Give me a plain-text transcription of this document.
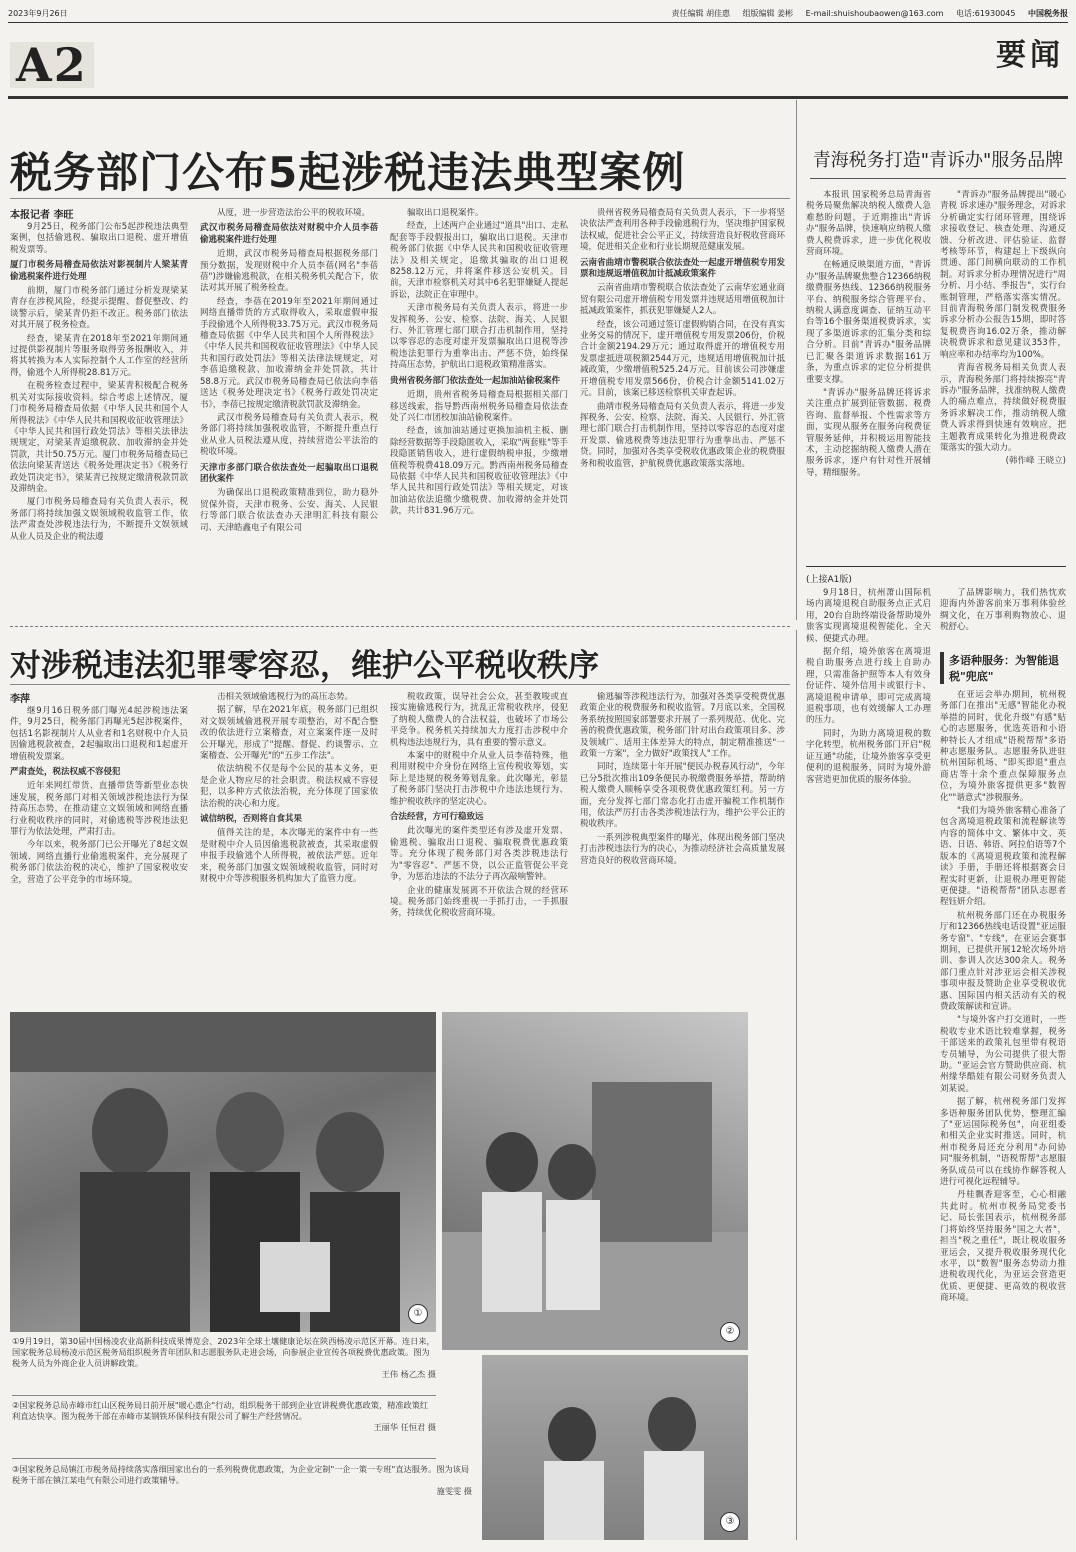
2023年9月26日	责任编辑 胡佳惠 组版编辑 姜彬 E-mail:shuishoubaowen@163.com 电话:61930045 中国税务报
A2	要闻
税务部门公布5起涉税违法典型案例
本报记者 李旺

9月25日，税务部门公布5起涉税违法典型案例，包括偷逃税、骗取出口退税、虚开增值税发票等。

厦门市税务局稽查局依法对影视制片人梁某青偷逃税案件进行处理

前期，厦门市税务部门通过分析发现梁某青存在涉税风险，经提示提醒、督促整改、约谈警示后，梁某青仍拒不改正。税务部门依法对其开展了税务检查。

经查，梁某青在2018年至2021年期间通过提供影视制片等服务取得劳务报酬收入，并将其转换为本人实际控制个人工作室的经营所得，偷逃个人所得税28.81万元。

在税务检查过程中，梁某青积极配合税务机关对实际接收资料。综合考虑上述情况，厦门市税务局稽查局依据《中华人民共和国个人所得税法》《中华人民共和国税收征收管理法》《中华人民共和国行政处罚法》等相关法律法规规定，对梁某青追缴税款、加收滞纳金并处罚款，共计50.75万元。厦门市税务局稽查局已依法向梁某青送达《税务处理决定书》《税务行政处罚决定书》，梁某青已按规定缴清税款罚款及滞纳金。

厦门市税务局稽查局有关负责人表示，税务部门将持续加强文娱领域税收监管工作，依法严肃查处涉税违法行为，不断提升文娱领域从业人员及企业的税法遵

从度，进一步营造法治公平的税收环境。

武汉市税务局稽查局依法对财税中介人员李蓓偷逃税案件进行处理

近期，武汉市税务局稽查局根据税务部门预分数据，发现财税中介人员李蓓(网名"李蓓蓓")涉嫌偷逃税款，在相关税务机关配合下，依法对其开展了税务检查。

经查，李蓓在2019年至2021年期间通过网络直播带货的方式取得收入，采取虚假申报手段偷逃个人所得税33.75万元。武汉市税务局稽查局依据《中华人民共和国个人所得税法》《中华人民共和国税收征收管理法》《中华人民共和国行政处罚法》等相关法律法规规定，对李蓓追缴税款、加收滞纳金并处罚款，共计58.8万元。武汉市税务局稽查局已依法向李蓓送达《税务处理决定书》《税务行政处罚决定书》，李蓓已按规定缴清税款罚款及滞纳金。

武汉市税务局稽查局有关负责人表示，税务部门将持续加强税收监管，不断提升重点行业从业人员税法遵从度，持续营造公平法治的税收环境。

天津市多部门联合依法查处一起骗取出口退税团伙案件

为确保出口退税政策精准到位，助力稳外贸保外资，天津市税务、公安、海关、人民银行等部门联合依法查办天津明汇科技有限公司、天津皓鑫电子有限公司

骗取出口退税案件。

经查，上述两户企业通过"道具"出口、走私配套等手段假报出口，骗取出口退税。天津市税务部门依据《中华人民共和国税收征收管理法》及相关规定，追缴其骗取的出口退税8258.12万元，并将案件移送公安机关。目前，天津市检察机关对其中6名犯罪嫌疑人提起诉讼，法院正在审理中。

天津市税务局有关负责人表示，将进一步发挥税务、公安、检察、法院、海关、人民银行、外汇管理七部门联合打击机制作用，坚持以零容忍的态度对虚开发票骗取出口退税等涉税违法犯罪行为重拳出击、严惩不贷，始终保持高压态势，护航出口退税政策精准落实。

贵州省税务部门依法查处一起加油站偷税案件

近期，贵州省税务局稽查局根据相关部门移送线索，指导黔西南州税务局稽查局依法查处了兴仁市团校加油站偷税案件。

经查，该加油站通过更换加油机主板、删除经营数据等手段隐匿收入，采取"两套账"等手段隐匿销售收入，进行虚假纳税申报，少缴增值税等税费418.09万元。黔西南州税务局稽查局依据《中华人民共和国税收征收管理法》《中华人民共和国行政处罚法》等相关规定，对该加油站依法追缴少缴税费、加收滞纳金并处罚款，共计831.96万元。

贵州省税务局稽查局有关负责人表示，下一步将坚决依法严查利用各种手段偷逃税行为，坚决维护国家税法权威，促进社会公平正义，持续营造良好税收营商环境，促进相关企业和行业长期规范健康发展。

云南省曲靖市警税联合依法查处一起虚开增值税专用发票和违规返增值税加计抵减政策案件

云南省曲靖市警税联合依法查处了云南华宏通业商贸有限公司虚开增值税专用发票并违规适用增值税加计抵减政策案件，抓获犯罪嫌疑人2人。

经查，该公司通过签订虚假购销合同，在没有真实业务交易的情况下，虚开增值税专用发票206份，价税合计金额2194.29万元；通过取得虚开的增值税专用发票虚抵进项税额2544万元，违规适用增值税加计抵减政策，少缴增值税525.24万元。目前该公司涉嫌虚开增值税专用发票566份，价税合计金额5141.02万元。目前，该案已移送检察机关审查起诉。

曲靖市税务局稽查局有关负责人表示，将进一步发挥税务、公安、检察、法院、海关、人民银行、外汇管理七部门联合打击机制作用，坚持以零容忍的态度对虚开发票、偷逃税费等违法犯罪行为重拳出击、严惩不贷。同时，加强对各类享受税收优惠政策企业的税费服务和税收监管，护航税费优惠政策落实落地。

青海税务打造"青诉办"服务品牌

本报讯 国家税务总局青海省税务局聚焦解决纳税人缴费人急难愁盼问题，于近期推出"青诉办"服务品牌，快速响应纳税人缴费人税费诉求，进一步优化税收营商环境。

在畅通反映渠道方面，"青诉办"服务品牌聚焦整合12366纳税缴费服务热线、12366纳税服务平台、纳税服务综合管理平台、纳税人满意度调查、征纳互动平台等16个服务渠道税费诉求，实现了多渠道诉求的汇集分类和综合分析。目前"青诉办"服务品牌已汇聚各渠道诉求数据161万条，为重点诉求的定位分析提供重要支撑。

"青诉办"服务品牌还将诉求关注重点扩展到征管数据、税费咨询、监督举报、个性需求等方面，实现从服务在服务向税费征管服务延伸，并积极运用智能技术，主动挖掘纳税人缴费人潜在服务诉求，逐户有针对性开展辅导，精细服务。

"青诉办"服务品牌提出"暖心青税 诉求速办"服务理念，对诉求分析确定实行闭环管理，围绕诉求接收登记、核查处理、沟通反馈、分析改进、评估验证、监督考核等环节，构建起上下级纵向贯通、部门间横向联动的工作机制。对诉求分析办理情况进行"周分析、月小结、季报告"，实行台账制管理，严格落实落实情况。目前青海税务部门制发税费服务诉求分析办公报告15期，即时答复税费咨询16.02万条，推动解决税费诉求和意见建议353件，响应率和办结率均为100%。

青海省税务局相关负责人表示，青海税务部门将持续擦亮"青诉办"服务品牌，找准纳税人缴费人的痛点难点，持续做好税费服务诉求解决工作，推动纳税人缴费人诉求得到快速有效响应，把主题教育成果转化为推进税费政策落实的强大动力。

(韩作峰 王晓立)

(上接A1版)

9月18日，杭州萧山国际机场内离境退税自助服务点正式启用，20台自助终端设备帮助境外旅客实现离境退税智能化、全天候、便捷式办理。

据介绍，境外旅客在离境退税自助服务点进行线上自助办理，只需准备护照等本人有效身份证件、境外信用卡或银行卡、离境退税申请单，即可完成离境退税事项，也有效缓解人工办理的压力。

同时，为助力离境退税的数字化转型，杭州税务部门开启"税证互通"功能，让境外旅客享受更便利的退税服务，同时为境外游客营造更加优质的服务体验。

了品牌影响力，我们热忱欢迎海内外游客前来万事利体验丝绸文化，在万事利购物放心、退税舒心。

多语种服务：为智能退税"兜底"

在亚运会举办期间，杭州税务部门在推出"无感"智能化办税举措的同时，优化升级"有感"贴心的志愿服务，优选英语和小语种特长人才组成"语税帮帮"多语种志愿服务队。志愿服务队进驻杭州国际机场、"即买即退"重点商店等十余个重点保障服务点位，为境外旅客提供更多"数智化""谐意式"涉税服务。

"我们为境外旅客精心准备了包含离境退税政策和流程解读等内容的简体中文、繁体中文、英语、日语、韩语、阿拉伯语等7个版本的《离境退税政策和流程解读》手册，手册还将根据赛会日程实时更新，让退税办理更智能更便捷。"语税帮帮"团队志愿者程钰妍介绍。

杭州税务部门还在办税服务厅和12366热线电话设置"亚运服务专窗"、"专线"，在亚运会赛事期间，已提供开展12轮次场外培训、参训人次达300余人。税务部门重点针对涉亚运会相关涉税事项申报及赞助企业享受税收优惠、国际国内相关活动有关的税费政策解读和宣讲。

"与境外客户打交道时，一些税收专业术语比较难掌握，税务干部送来的政策礼包里带有税语专员辅导，为公司提供了很大帮助。"亚运会官方赞助供应商、杭州缘华酷娃有限公司财务负责人刘某说。

据了解，杭州税务部门发挥多语种服务团队优势，整理汇编了"亚运国际税务包"，向亚组委和相关企业实时推送。同时，杭州市税务局还充分利用"办问协同"服务机制，"语税帮帮"志愿服务队成员可以在线协作解答税人进行可视化远程辅导。

丹桂飘香迎客至，心心相融共此时。杭州市税务局党委书记、局长张国表示，杭州税务部门将始终坚持服务"国之大者"，担当"税之重任"，既让税收服务亚运会，又提升税收服务现代化水平，以"数智"服务态势动力推进税收现代化，为亚运会营造更优质、更便捷、更高效的税收营商环境。

对涉税违法犯罪零容忍，维护公平税收秩序
李萍

继9月16日税务部门曝光4起涉税违法案件，9月25日，税务部门再曝光5起涉税案件，包括1名影视制片人从业者和1名财税中介人员因偷逃税款被查，2起骗取出口退税和1起虚开增值税发票案。

严肃查处，税法权威不容侵犯

近年来网红带货、直播带货等新型业态快速发展，税务部门对相关领域涉税违法行为保持高压态势，在推动建立文娱领域和网络直播行业税收秩序的同时，对偷逃税等涉税违法犯罪行为依法处理，严肃打击。

今年以来，税务部门已公开曝光了8起文娱领域、网络直播行业偷逃税案件，充分展现了税务部门依法治税的决心，维护了国家税收安全，营造了公平竞争的市场环境。

击相关领域偷逃税行为的高压态势。

据了解，早在2021年底，税务部门已组织对文娱领域偷逃税开展专项整治，对不配合整改的依法进行立案稽查，对立案案件逐一及时公开曝光，形成了"提醒、督促、约谈警示、立案稽查、公开曝光"的"五步工作法"。

依法纳税不仅是每个公民的基本义务，更是企业人物应尽的社会职责。税法权威不容侵犯，以多种方式依法治税，充分体现了国家依法治税的决心和力度。

诚信纳税，否则将自食其果

值得关注的是，本次曝光的案件中有一些是财税中介人员因偷逃税款被查，其采取虚假申报手段偷逃个人所得税，被依法严惩。近年来，税务部门加强文娱领域税收监管，同时对财税中介等涉税服务机构加大了监管力度。

税收政策，误导社会公众，甚至教唆或直接实施偷逃税行为，扰乱正常税收秩序，侵犯了纳税人缴费人的合法权益，也破坏了市场公平竞争。税务机关持续加大力度打击涉税中介机构违法违规行为，具有重要的警示意义。

本案中的财税中介从业人员李蓓特殊，他利用财税中介身份在网络上宣传税收筹划，实际上是违规的税务筹划乱象。此次曝光，彰显了税务部门坚决打击涉税中介违法违规行为、维护税收秩序的坚定决心。

合法经营，方可行稳致远

此次曝光的案件类型还有涉及虚开发票、偷逃税、骗取出口退税、骗取税费优惠政策等。充分体现了税务部门对各类涉税违法行为"零容忍"、严惩不贷，以公正监管促公平竞争，为惩治违法的不法分子再次敲响警钟。

企业的健康发展离不开依法合规的经营环境。税务部门始终重视一手抓打击，一手抓服务，持续优化税收营商环境。

偷逃骗等涉税违法行为，加强对各类享受税费优惠政策企业的税费服务和税收监管。7月底以来，全国税务系统按照国家部署要求开展了一系列规范、优化、完善的税费优惠政策，税务部门针对出台政策项目多、涉及领域广、适用主体差异大的特点，制定精准推送"一政策一方案"，全力做好"政策找人"工作。

同时，连续第十年开展"便民办税春风行动"，今年已分5批次推出109条便民办税缴费服务举措，帮助纳税人缴费人顺畅享受各项税费优惠政策红利。另一方面，充分发挥七部门常态化打击虚开骗税工作机制作用，依法严厉打击各类涉税违法行为，维护公平公正的税收秩序。

一系列涉税典型案件的曝光，体现出税务部门坚决打击涉税违法行为的决心，为推动经济社会高质量发展营造良好的税收营商环境。

①
②
③
①9月19日，第30届中国杨凌农业高新科技成果博览会、2023年全球土壤健康论坛在陕西杨凌示范区开幕。连日来，国家税务总局杨凌示范区税务局组织税务青年团队和志愿服务队走进会场，向参展企业宣传各项税费优惠政策。图为税务人员为外商企业人员讲解政策。
王伟 杨乙杰 摄
②国家税务总局赤峰市红山区税务局日前开展"暖心惠企"行动，组织税务干部到企业宣讲税费优惠政策，精准政策红利直达快享。图为税务干部在赤峰市某钢铁环保科技有限公司了解生产经营情况。
王丽华 任恒君 摄
③国家税务总局镇江市税务局持续落实落细国家出台的一系列税费优惠政策，为企业定制"一企一策一专班"直达服务。图为该局税务干部在镇江某电气有限公司进行政策辅导。
施雯雯 摄
